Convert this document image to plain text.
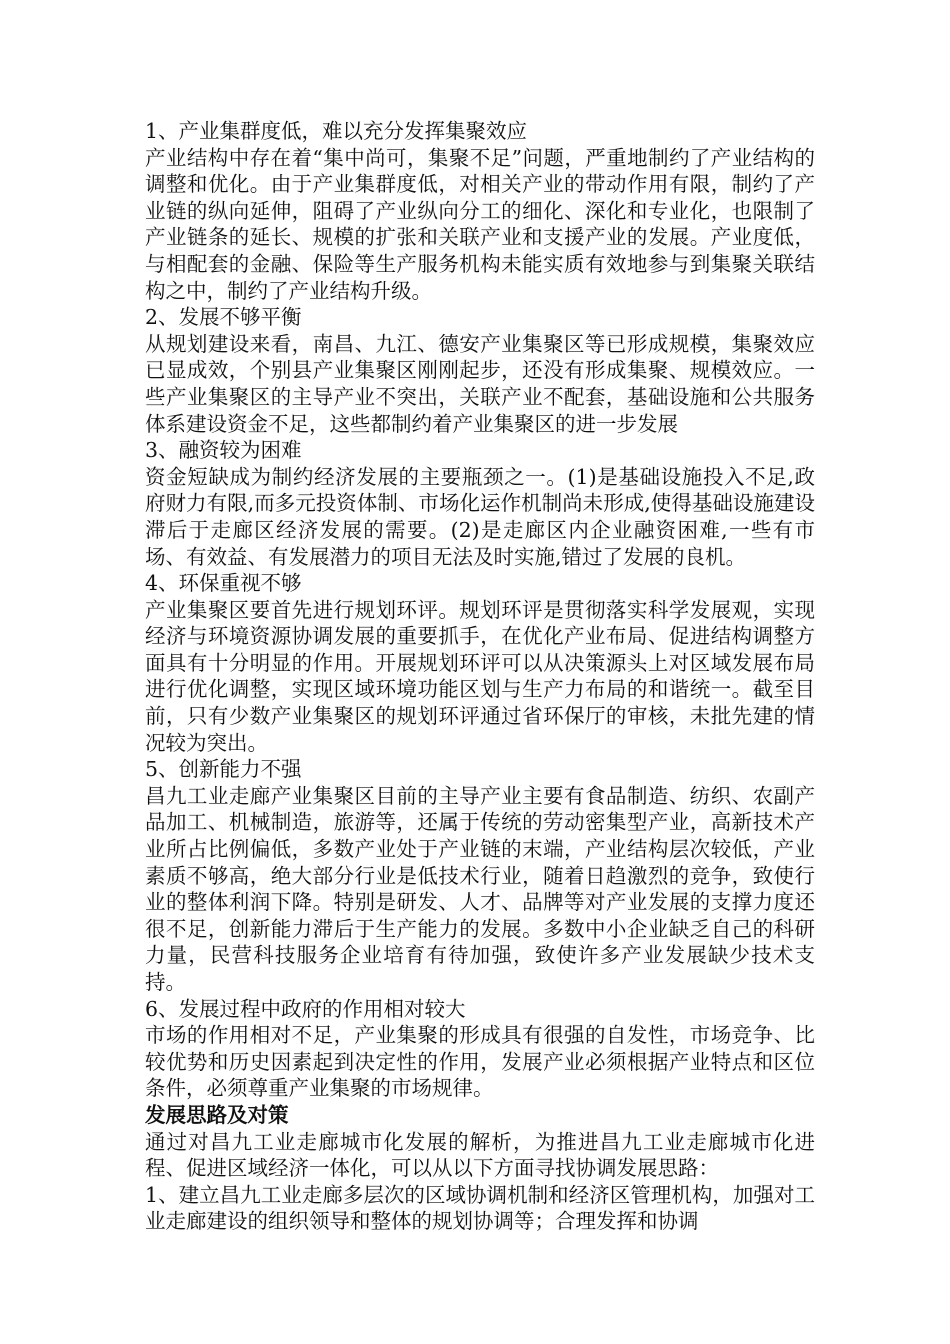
1、产业集群度低，难以充分发挥集聚效应

产业结构中存在着“集中尚可，集聚不足”问题，严重地制约了产业结构的调整和优化。由于产业集群度低，对相关产业的带动作用有限，制约了产业链的纵向延伸，阻碍了产业纵向分工的细化、深化和专业化，也限制了产业链条的延长、规模的扩张和关联产业和支援产业的发展。产业度低，与相配套的金融、保险等生产服务机构未能实质有效地参与到集聚关联结构之中，制约了产业结构升级。

2、发展不够平衡

从规划建设来看，南昌、九江、德安产业集聚区等已形成规模，集聚效应已显成效，个别县产业集聚区刚刚起步，还没有形成集聚、规模效应。一些产业集聚区的主导产业不突出，关联产业不配套，基础设施和公共服务体系建设资金不足，这些都制约着产业集聚区的进一步发展

3、融资较为困难

资金短缺成为制约经济发展的主要瓶颈之一。(1)是基础设施投入不足,政府财力有限,而多元投资体制、市场化运作机制尚未形成,使得基础设施建设滞后于走廊区经济发展的需要。(2)是走廊区内企业融资困难,一些有市场、有效益、有发展潜力的项目无法及时实施,错过了发展的良机。

4、环保重视不够

产业集聚区要首先进行规划环评。规划环评是贯彻落实科学发展观，实现经济与环境资源协调发展的重要抓手，在优化产业布局、促进结构调整方面具有十分明显的作用。开展规划环评可以从决策源头上对区域发展布局进行优化调整，实现区域环境功能区划与生产力布局的和谐统一。截至目前，只有少数产业集聚区的规划环评通过省环保厅的审核，未批先建的情况较为突出。

5、创新能力不强

昌九工业走廊产业集聚区目前的主导产业主要有食品制造、纺织、农副产品加工、机械制造，旅游等，还属于传统的劳动密集型产业，高新技术产业所占比例偏低，多数产业处于产业链的末端，产业结构层次较低，产业素质不够高，绝大部分行业是低技术行业，随着日趋激烈的竞争，致使行业的整体利润下降。特别是研发、人才、品牌等对产业发展的支撑力度还很不足，创新能力滞后于生产能力的发展。多数中小企业缺乏自己的科研力量，民营科技服务企业培育有待加强，致使许多产业发展缺少技术支持。

6、发展过程中政府的作用相对较大

市场的作用相对不足，产业集聚的形成具有很强的自发性，市场竞争、比较优势和历史因素起到决定性的作用，发展产业必须根据产业特点和区位条件，必须尊重产业集聚的市场规律。

发展思路及对策

通过对昌九工业走廊城市化发展的解析，为推进昌九工业走廊城市化进程、促进区域经济一体化，可以从以下方面寻找协调发展思路：

1、建立昌九工业走廊多层次的区域协调机制和经济区管理机构，加强对工业走廊建设的组织领导和整体的规划协调等；合理发挥和协调
